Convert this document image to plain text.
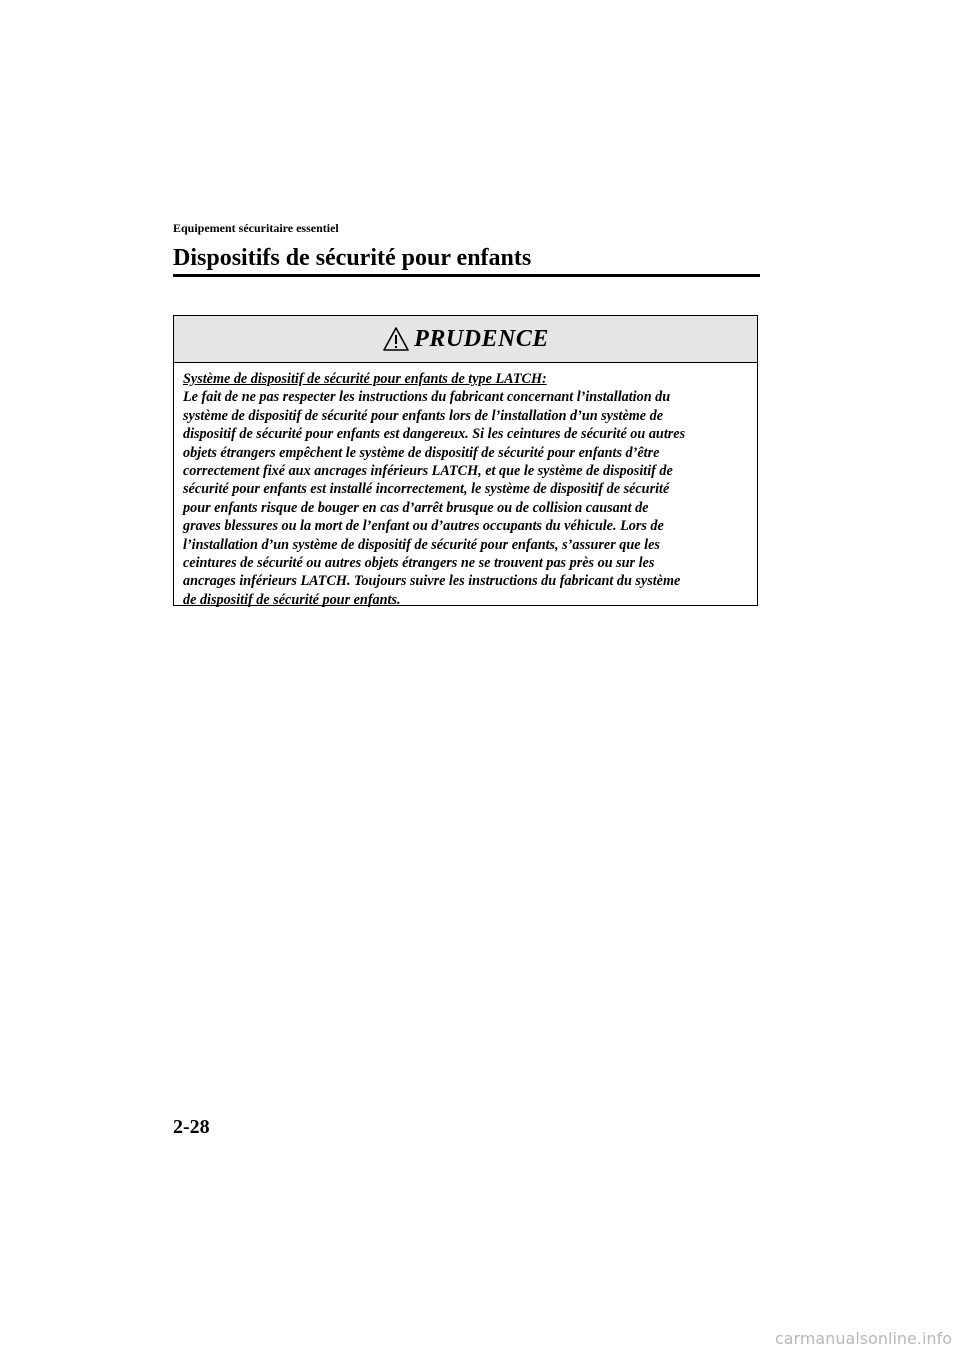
Equipement sécuritaire essentiel
Dispositifs de sécurité pour enfants
PRUDENCE
Système de dispositif de sécurité pour enfants de type LATCH:
Le fait de ne pas respecter les instructions du fabricant concernant l’installation du
système de dispositif de sécurité pour enfants lors de l’installation d’un système de
dispositif de sécurité pour enfants est dangereux. Si les ceintures de sécurité ou autres
objets étrangers empêchent le système de dispositif de sécurité pour enfants d’être
correctement fixé aux ancrages inférieurs LATCH, et que le système de dispositif de
sécurité pour enfants est installé incorrectement, le système de dispositif de sécurité
pour enfants risque de bouger en cas d’arrêt brusque ou de collision causant de
graves blessures ou la mort de l’enfant ou d’autres occupants du véhicule. Lors de
l’installation d’un système de dispositif de sécurité pour enfants, s’assurer que les
ceintures de sécurité ou autres objets étrangers ne se trouvent pas près ou sur les
ancrages inférieurs LATCH. Toujours suivre les instructions du fabricant du système
de dispositif de sécurité pour enfants.
2-28
carmanualsonline.info
